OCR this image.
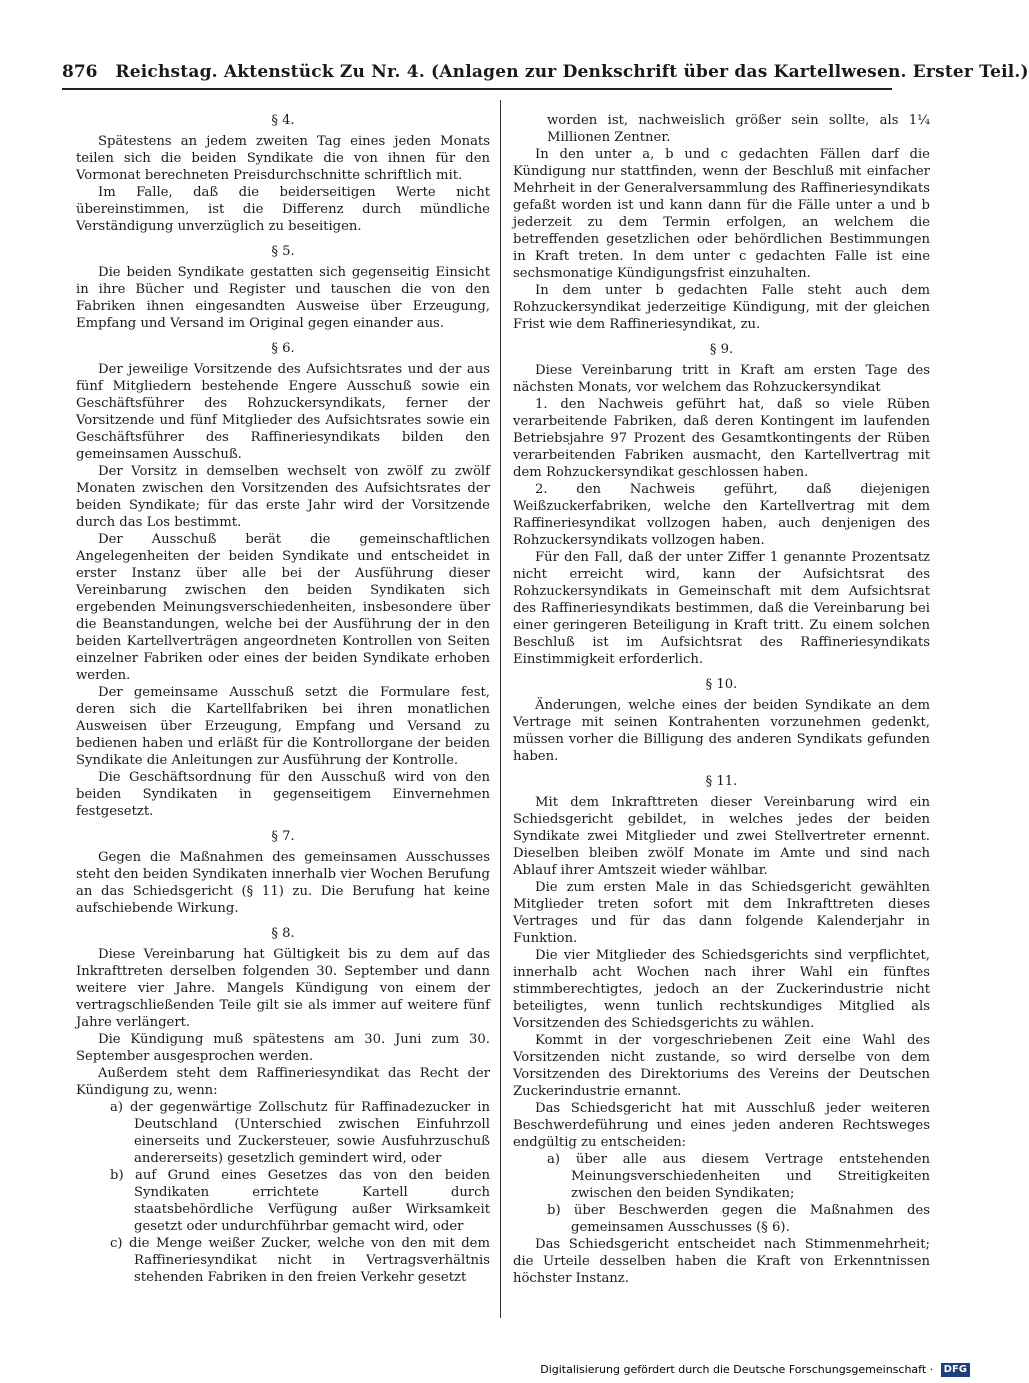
876 Reichstag. Aktenstück Zu Nr. 4. (Anlagen zur Denkschrift über das Kartellwesen. Erster Teil.)
§ 4.

Spätestens an jedem zweiten Tag eines jeden Monats teilen sich die beiden Syndikate die von ihnen für den Vormonat berechneten Preisdurchschnitte schriftlich mit.

Im Falle, daß die beiderseitigen Werte nicht übereinstimmen, ist die Differenz durch mündliche Verständigung unverzüglich zu beseitigen.

§ 5.

Die beiden Syndikate gestatten sich gegenseitig Einsicht in ihre Bücher und Register und tauschen die von den Fabriken ihnen eingesandten Ausweise über Erzeugung, Empfang und Versand im Original gegen einander aus.

§ 6.

Der jeweilige Vorsitzende des Aufsichtsrates und der aus fünf Mitgliedern bestehende Engere Ausschuß sowie ein Geschäftsführer des Rohzuckersyndikats, ferner der Vorsitzende und fünf Mitglieder des Aufsichtsrates sowie ein Geschäftsführer des Raffineriesyndikats bilden den gemeinsamen Ausschuß.

Der Vorsitz in demselben wechselt von zwölf zu zwölf Monaten zwischen den Vorsitzenden des Aufsichtsrates der beiden Syndikate; für das erste Jahr wird der Vorsitzende durch das Los bestimmt.

Der Ausschuß berät die gemeinschaftlichen Angelegenheiten der beiden Syndikate und entscheidet in erster Instanz über alle bei der Ausführung dieser Vereinbarung zwischen den beiden Syndikaten sich ergebenden Meinungsverschiedenheiten, insbesondere über die Beanstandungen, welche bei der Ausführung der in den beiden Kartellverträgen angeordneten Kontrollen von Seiten einzelner Fabriken oder eines der beiden Syndikate erhoben werden.

Der gemeinsame Ausschuß setzt die Formulare fest, deren sich die Kartellfabriken bei ihren monatlichen Ausweisen über Erzeugung, Empfang und Versand zu bedienen haben und erläßt für die Kontrollorgane der beiden Syndikate die Anleitungen zur Ausführung der Kontrolle.

Die Geschäftsordnung für den Ausschuß wird von den beiden Syndikaten in gegenseitigem Einvernehmen festgesetzt.

§ 7.

Gegen die Maßnahmen des gemeinsamen Ausschusses steht den beiden Syndikaten innerhalb vier Wochen Berufung an das Schiedsgericht (§ 11) zu. Die Berufung hat keine aufschiebende Wirkung.

§ 8.

Diese Vereinbarung hat Gültigkeit bis zu dem auf das Inkrafttreten derselben folgenden 30. September und dann weitere vier Jahre. Mangels Kündigung von einem der vertragschließenden Teile gilt sie als immer auf weitere fünf Jahre verlängert.

Die Kündigung muß spätestens am 30. Juni zum 30. September ausgesprochen werden.

Außerdem steht dem Raffineriesyndikat das Recht der Kündigung zu, wenn:

a) der gegenwärtige Zollschutz für Raffinadezucker in Deutschland (Unterschied zwischen Einfuhrzoll einerseits und Zuckersteuer, sowie Ausfuhrzuschuß andererseits) gesetzlich gemindert wird, oder
b) auf Grund eines Gesetzes das von den beiden Syndikaten errichtete Kartell durch staatsbehördliche Verfügung außer Wirksamkeit gesetzt oder undurchführbar gemacht wird, oder
c) die Menge weißer Zucker, welche von den mit dem Raffineriesyndikat nicht in Vertragsverhältnis stehenden Fabriken in den freien Verkehr gesetzt
worden ist, nachweislich größer sein sollte, als 1¼ Millionen Zentner.

In den unter a, b und c gedachten Fällen darf die Kündigung nur stattfinden, wenn der Beschluß mit einfacher Mehrheit in der Generalversammlung des Raffineriesyndikats gefaßt worden ist und kann dann für die Fälle unter a und b jederzeit zu dem Termin erfolgen, an welchem die betreffenden gesetzlichen oder behördlichen Bestimmungen in Kraft treten. In dem unter c gedachten Falle ist eine sechsmonatige Kündigungsfrist einzuhalten.

In dem unter b gedachten Falle steht auch dem Rohzuckersyndikat jederzeitige Kündigung, mit der gleichen Frist wie dem Raffineriesyndikat, zu.

§ 9.

Diese Vereinbarung tritt in Kraft am ersten Tage des nächsten Monats, vor welchem das Rohzuckersyndikat

1. den Nachweis geführt hat, daß so viele Rüben verarbeitende Fabriken, daß deren Kontingent im laufenden Betriebsjahre 97 Prozent des Gesamtkontingents der Rüben verarbeitenden Fabriken ausmacht, den Kartellvertrag mit dem Rohzuckersyndikat geschlossen haben.

2. den Nachweis geführt, daß diejenigen Weißzuckerfabriken, welche den Kartellvertrag mit dem Raffineriesyndikat vollzogen haben, auch denjenigen des Rohzuckersyndikats vollzogen haben.

Für den Fall, daß der unter Ziffer 1 genannte Prozentsatz nicht erreicht wird, kann der Aufsichtsrat des Rohzuckersyndikats in Gemeinschaft mit dem Aufsichtsrat des Raffineriesyndikats bestimmen, daß die Vereinbarung bei einer geringeren Beteiligung in Kraft tritt. Zu einem solchen Beschluß ist im Aufsichtsrat des Raffineriesyndikats Einstimmigkeit erforderlich.

§ 10.

Änderungen, welche eines der beiden Syndikate an dem Vertrage mit seinen Kontrahenten vorzunehmen gedenkt, müssen vorher die Billigung des anderen Syndikats gefunden haben.

§ 11.

Mit dem Inkrafttreten dieser Vereinbarung wird ein Schiedsgericht gebildet, in welches jedes der beiden Syndikate zwei Mitglieder und zwei Stellvertreter ernennt. Dieselben bleiben zwölf Monate im Amte und sind nach Ablauf ihrer Amtszeit wieder wählbar.

Die zum ersten Male in das Schiedsgericht gewählten Mitglieder treten sofort mit dem Inkrafttreten dieses Vertrages und für das dann folgende Kalenderjahr in Funktion.

Die vier Mitglieder des Schiedsgerichts sind verpflichtet, innerhalb acht Wochen nach ihrer Wahl ein fünftes stimmberechtigtes, jedoch an der Zuckerindustrie nicht beteiligtes, wenn tunlich rechtskundiges Mitglied als Vorsitzenden des Schiedsgerichts zu wählen.

Kommt in der vorgeschriebenen Zeit eine Wahl des Vorsitzenden nicht zustande, so wird derselbe von dem Vorsitzenden des Direktoriums des Vereins der Deutschen Zuckerindustrie ernannt.

Das Schiedsgericht hat mit Ausschluß jeder weiteren Beschwerdeführung und eines jeden anderen Rechtsweges endgültig zu entscheiden:

a) über alle aus diesem Vertrage entstehenden Meinungsverschiedenheiten und Streitigkeiten zwischen den beiden Syndikaten;
b) über Beschwerden gegen die Maßnahmen des gemeinsamen Ausschusses (§ 6).

Das Schiedsgericht entscheidet nach Stimmenmehrheit; die Urteile desselben haben die Kraft von Erkenntnissen höchster Instanz.

Digitalisierung gefördert durch die Deutsche Forschungsgemeinschaft · DFG
